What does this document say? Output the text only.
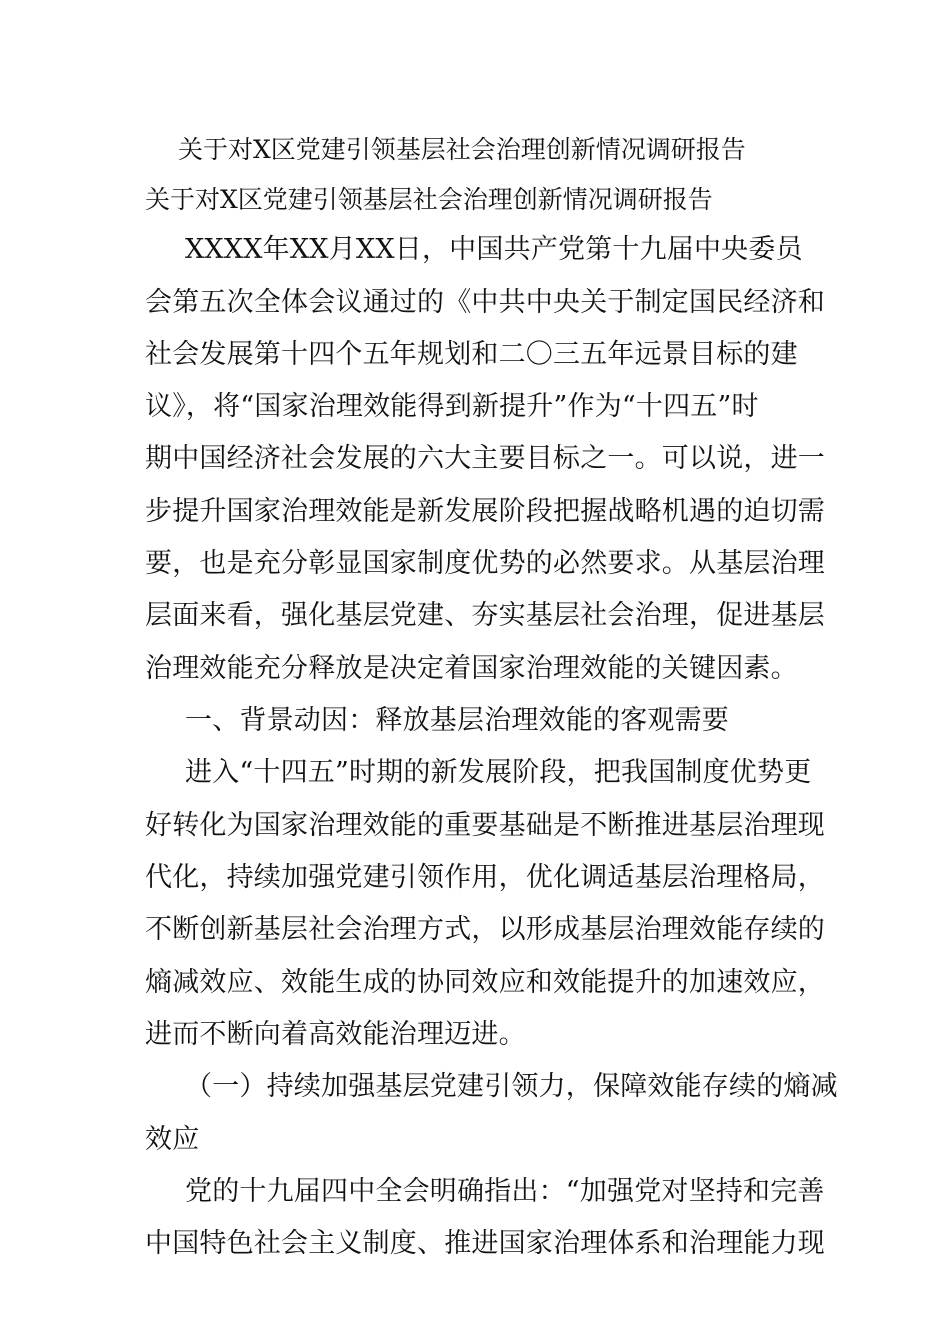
关于对X区党建引领基层社会治理创新情况调研报告
关于对X区党建引领基层社会治理创新情况调研报告
XXXX年XX月XX日，中国共产党第十九届中央委员
会第五次全体会议通过的《中共中央关于制定国民经济和
社会发展第十四个五年规划和二〇三五年远景目标的建
议》，将“国家治理效能得到新提升”作为“十四五”时
期中国经济社会发展的六大主要目标之一。可以说，进一
步提升国家治理效能是新发展阶段把握战略机遇的迫切需
要，也是充分彰显国家制度优势的必然要求。从基层治理
层面来看，强化基层党建、夯实基层社会治理，促进基层
治理效能充分释放是决定着国家治理效能的关键因素。
一、背景动因：释放基层治理效能的客观需要
进入“十四五”时期的新发展阶段，把我国制度优势更
好转化为国家治理效能的重要基础是不断推进基层治理现
代化，持续加强党建引领作用，优化调适基层治理格局，
不断创新基层社会治理方式，以形成基层治理效能存续的
熵减效应、效能生成的协同效应和效能提升的加速效应，
进而不断向着高效能治理迈进。
（一）持续加强基层党建引领力，保障效能存续的熵减
效应
党的十九届四中全会明确指出：“加强党对坚持和完善
中国特色社会主义制度、推进国家治理体系和治理能力现
